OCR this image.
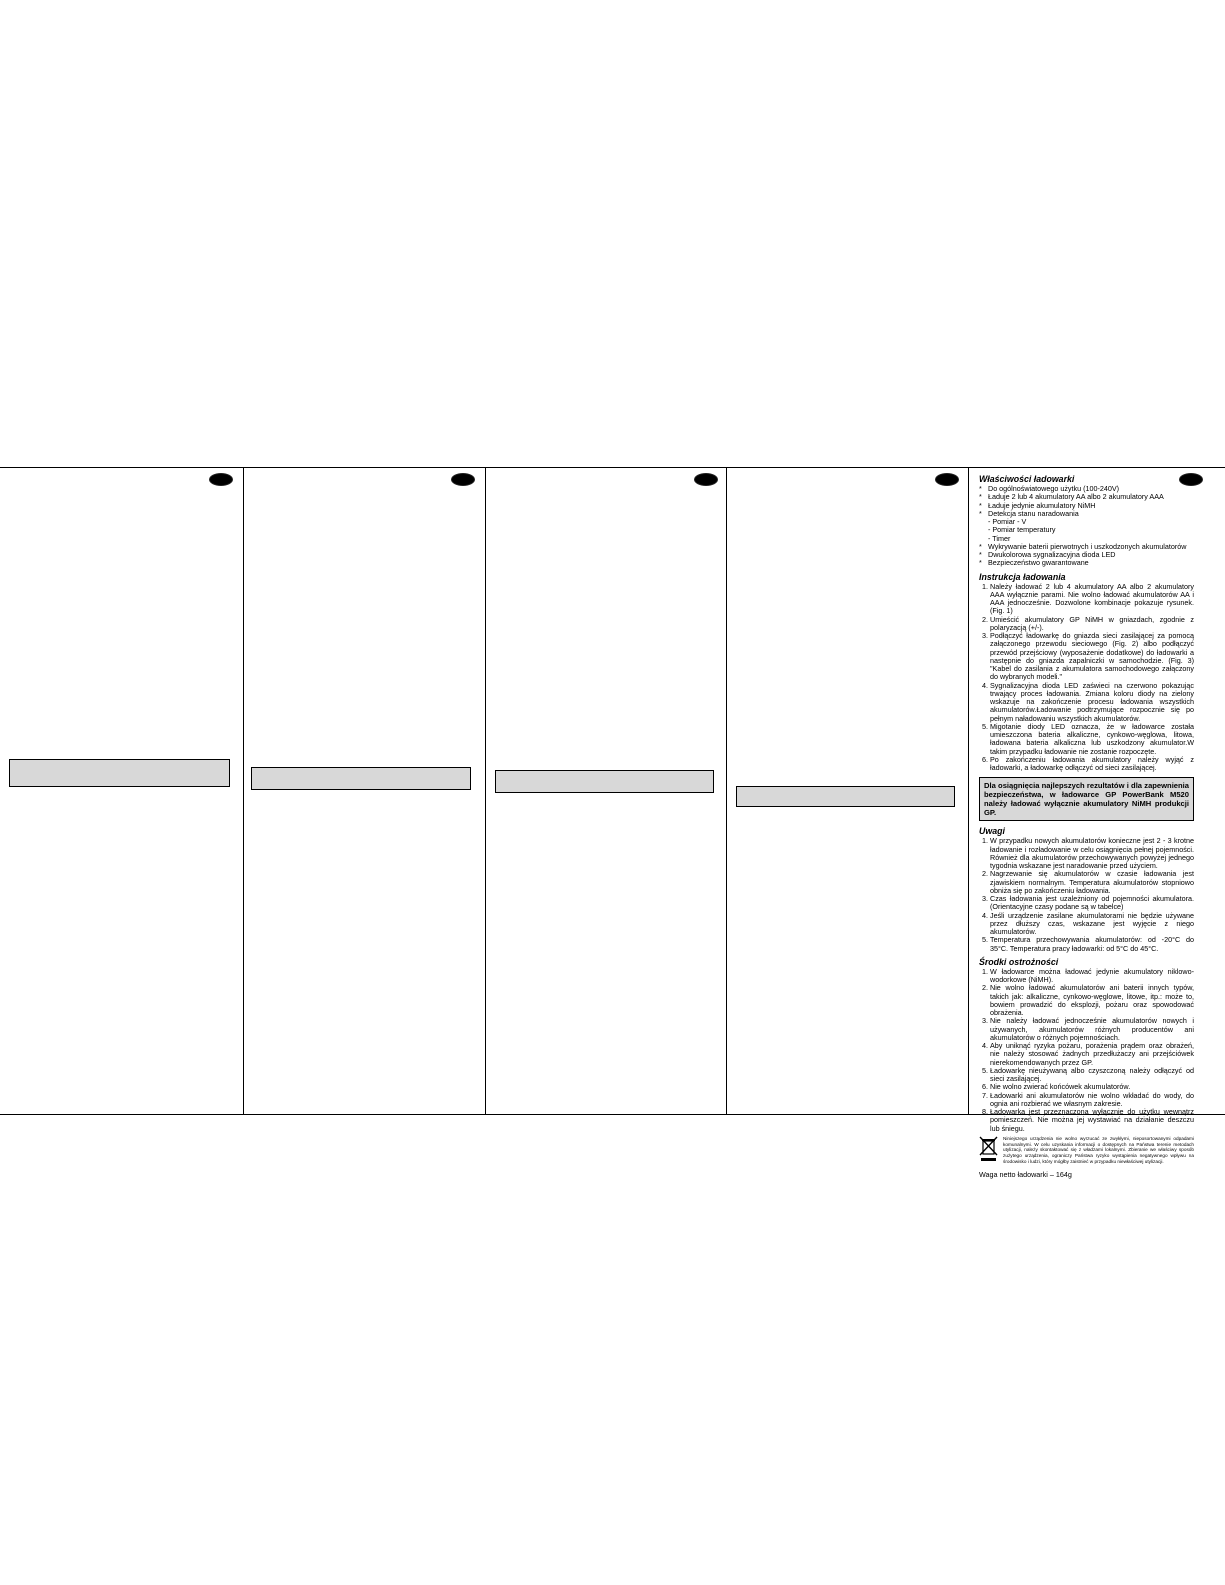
Właściwości ładowarki
* Do ogólnoświatowego użytku (100-240V)
* Ładuje 2 lub 4 akumulatory AA albo 2 akumulatory AAA
* Ładuje jedynie akumulatory NiMH
* Detekcja stanu naradowania
- Pomiar - V
- Pomiar temperatury
- Timer
* Wykrywanie baterii pierwotnych i uszkodzonych akumulatorów
* Dwukolorowa sygnalizacyjna dioda LED
* Bezpieczeństwo gwarantowane
Instrukcja ładowania
1. Należy ładować 2 lub 4 akumulatory AA albo 2 akumulatory AAA wyłącznie parami. Nie wolno ładować akumulatorów AA i AAA jednocześnie. Dozwolone kombinacje pokazuje rysunek. (Fig. 1)
2. Umieścić akumulatory GP NiMH w gniazdach, zgodnie z polaryzacją (+/-).
3. Podłączyć ładowarkę do gniazda sieci zasilającej za pomocą załączonego przewodu sieciowego (Fig. 2) albo podłączyć przewód przejściowy (wyposażenie dodatkowe) do ładowarki a następnie do gniazda zapalniczki w samochodzie. (Fig. 3) "Kabel do zasilania z akumulatora samochodowego załączony do wybranych modeli."
4. Sygnalizacyjna dioda LED zaświeci na czerwono pokazując trwający proces ładowania. Zmiana koloru diody na zielony wskazuje na zakończenie procesu ładowania wszystkich akumulatorów.Ładowanie podtrzymujące rozpocznie się po pełnym naładowaniu wszystkich akumulatorów.
5. Migotanie diody LED oznacza, że w ładowarce została umieszczona bateria alkaliczne, cynkowo-węglowa, litowa, ładowana bateria alkaliczna lub uszkodzony akumulator.W takim przypadku ładowanie nie zostanie rozpoczęte.
6. Po zakończeniu ładowania akumulatory należy wyjąć z ładowarki, a ładowarkę odłączyć od sieci zasilającej.
Dla osiągnięcia najlepszych rezultatów i dla zapewnienia bezpieczeństwa, w ładowarce GP PowerBank M520 należy ładować wyłącznie akumulatory NiMH produkcji GP.
Uwagi
1. W przypadku nowych akumulatorów konieczne jest 2 - 3 krotne ładowanie i rozładowanie w celu osiągnięcia pełnej pojemności. Również dla akumulatorów przechowywanych powyżej jednego tygodnia wskazane jest naradowanie przed użyciem.
2. Nagrzewanie się akumulatorów w czasie ładowania jest zjawiskiem normalnym. Temperatura akumulatorów stopniowo obniża się po zakończeniu ładowania.
3. Czas ładowania jest uzależniony od pojemności akumulatora. (Orientacyjne czasy podane są w tabelce)
4. Jeśli urządzenie zasilane akumulatorami nie będzie używane przez dłuższy czas, wskazane jest wyjęcie z niego akumulatorów.
5. Temperatura przechowywania akumulatorów: od -20°C do 35°C. Temperatura pracy ładowarki: od 5°C do 45°C.
Środki ostrożności
1. W ładowarce można ładować jedynie akumulatory niklowo-wodorkowe (NiMH).
2. Nie wolno ładować akumulatorów ani baterii innych typów, takich jak: alkaliczne, cynkowo-węglowe, litowe, itp.: może to, bowiem prowadzić do eksplozji, pożaru oraz spowodować obrażenia.
3. Nie należy ładować jednocześnie akumulatorów nowych i używanych, akumulatorów różnych producentów ani akumulatorów o różnych pojemnościach.
4. Aby uniknąć ryzyka pożaru, porażenia prądem oraz obrażeń, nie należy stosować żadnych przedłużaczy ani przejściówek nierekomendowanych przez GP.
5. Ładowarkę nieużywaną albo czyszczoną należy odłączyć od sieci zasilającej.
6. Nie wolno zwierać końcówek akumulatorów.
7. Ładowarki ani akumulatorów nie wolno wkładać do wody, do ognia ani rozbierać we własnym zakresie.
8. Ładowarka jest przeznaczona wyłącznie do użytku wewnątrz pomieszczeń. Nie można jej wystawiać na działanie deszczu lub śniegu.

Niniejszego urządzenia nie wolno wyrzucać ze zwykłymi, nieposortowanymi odpadami komunalnymi. W celu uzyskania informacji o dostępnych na Państwa terenie metodach utylizacji, należy skontaktować się z władzami lokalnymi. Zbieranie we właściwy sposób zużytego urządzenia, ograniczy Państwa ryzyko wystąpienia negatywnego wpływu na środowisko i ludzi, który mógłby zaistnieć w przypadku niewłaściwej utylizacji.

Waga netto ładowarki – 164g
